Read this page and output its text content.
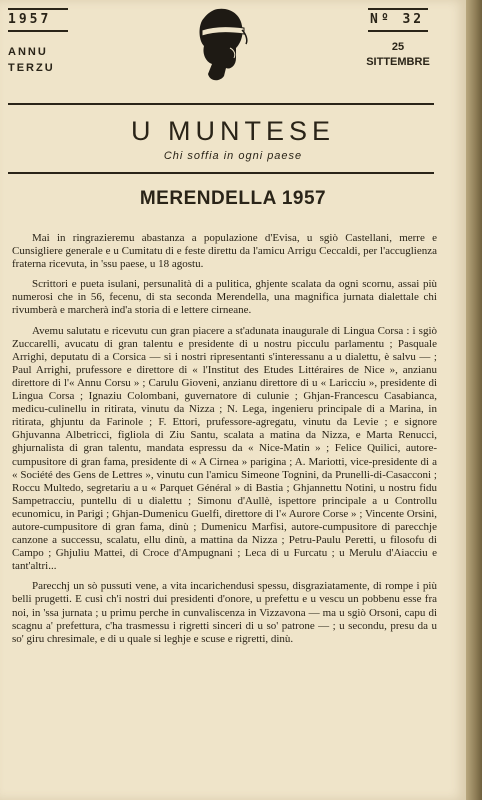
1957
ANNU
TERZU
Nº 32
25
SITTEMBRE
U MUNTESE
Chi soffia in ogni paese
MERENDELLA 1957

Mai in ringrazieremu abastanza a populazione d'Evisa, u sgiò Castellani, merre e Cunsigliere generale e u Cumitatu di e feste direttu da l'amicu Arrigu Ceccaldi, per l'accuglienza fraterna ricevuta, in 'ssu paese, u 18 agostu.

Scrittori e pueta isulani, persunalità di a pulitica, ghjente scalata da ogni scornu, assai più numerosi che in 56, fecenu, di sta seconda Merendella, una magnifica jurnata dialettale chi rivumberà e marcherà ind'a storia di e lettere cirneane.

Avemu salutatu e ricevutu cun gran piacere a st'adunata inaugurale di Lingua Corsa : i sgiò Zuccarelli, avucatu di gran talentu e presidente di u nostru picculu parlamentu ; Pasquale Arrighi, deputatu di a Corsica — si i nostri ripresentanti s'interessanu a u dialettu, è salvu — ; Paul Arrighi, prufessore e direttore di « l'Institut des Etudes Littéraires de Nice », anzianu direttore di l'« Annu Corsu » ; Carulu Gioveni, anzianu direttore di u « Laricciu », presidente di Lingua Corsa ; Ignaziu Colombani, guvernatore di culunie ; Ghjan-Francescu Casabianca, medicu-culinellu in ritirata, vinutu da Nizza ; N. Lega, ingenieru principale di a Marina, in ritirata, ghjuntu da Farinole ; F. Ettori, prufessore-agregatu, vinutu da Levie ; e signore Ghjuvanna Albetricci, figliola di Ziu Santu, scalata a matina da Nizza, e Marta Renucci, ghjurnalista di gran talentu, mandata espressu da « Nice-Matin » ; Felice Quilici, autore-cumpusitore di gran fama, presidente di « A Cirnea » parigina ; A. Mariotti, vice-presidente di a « Société des Gens de Lettres », vinutu cun l'amicu Simeone Tognini, da Prunelli-di-Casacconi ; Roccu Multedo, segretariu a u « Parquet Général » di Bastia ; Ghjannettu Notini, u nostru fidu Sampetracciu, puntellu di u dialettu ; Simonu d'Aullè, ispettore principale a u Controllu ecunomicu, in Parigi ; Ghjan-Dumenicu Guelfi, direttore di l'« Aurore Corse » ; Vincente Orsini, autore-cumpusitore di gran fama, dinù ; Dumenicu Marfisi, autore-cumpusitore di parecchje canzone a successu, scalatu, ellu dinù, a mattina da Nizza ; Petru-Paulu Peretti, u filosofu di Campo ; Ghjuliu Mattei, di Croce d'Ampugnani ; Leca di u Furcatu ; u Merulu d'Aiacciu e tant'altri...

Parecchj un sò pussuti vene, a vita incarichendusi spessu, disgraziatamente, di rompe i più belli prugetti. E cusì ch'i nostri dui presidenti d'onore, u prefettu e u vescu un pobbenu esse fra noi, in 'ssa jurnata ; u primu perche in cunvaliscenza in Vizzavona — ma u sgiò Orsoni, capu di scagnu a' prefettura, c'ha trasmessu i rigretti sinceri di u so' patrone — ; u secondu, presu da u so' giru chresimale, e di u quale si leghje e scuse e rigretti, dinù.
